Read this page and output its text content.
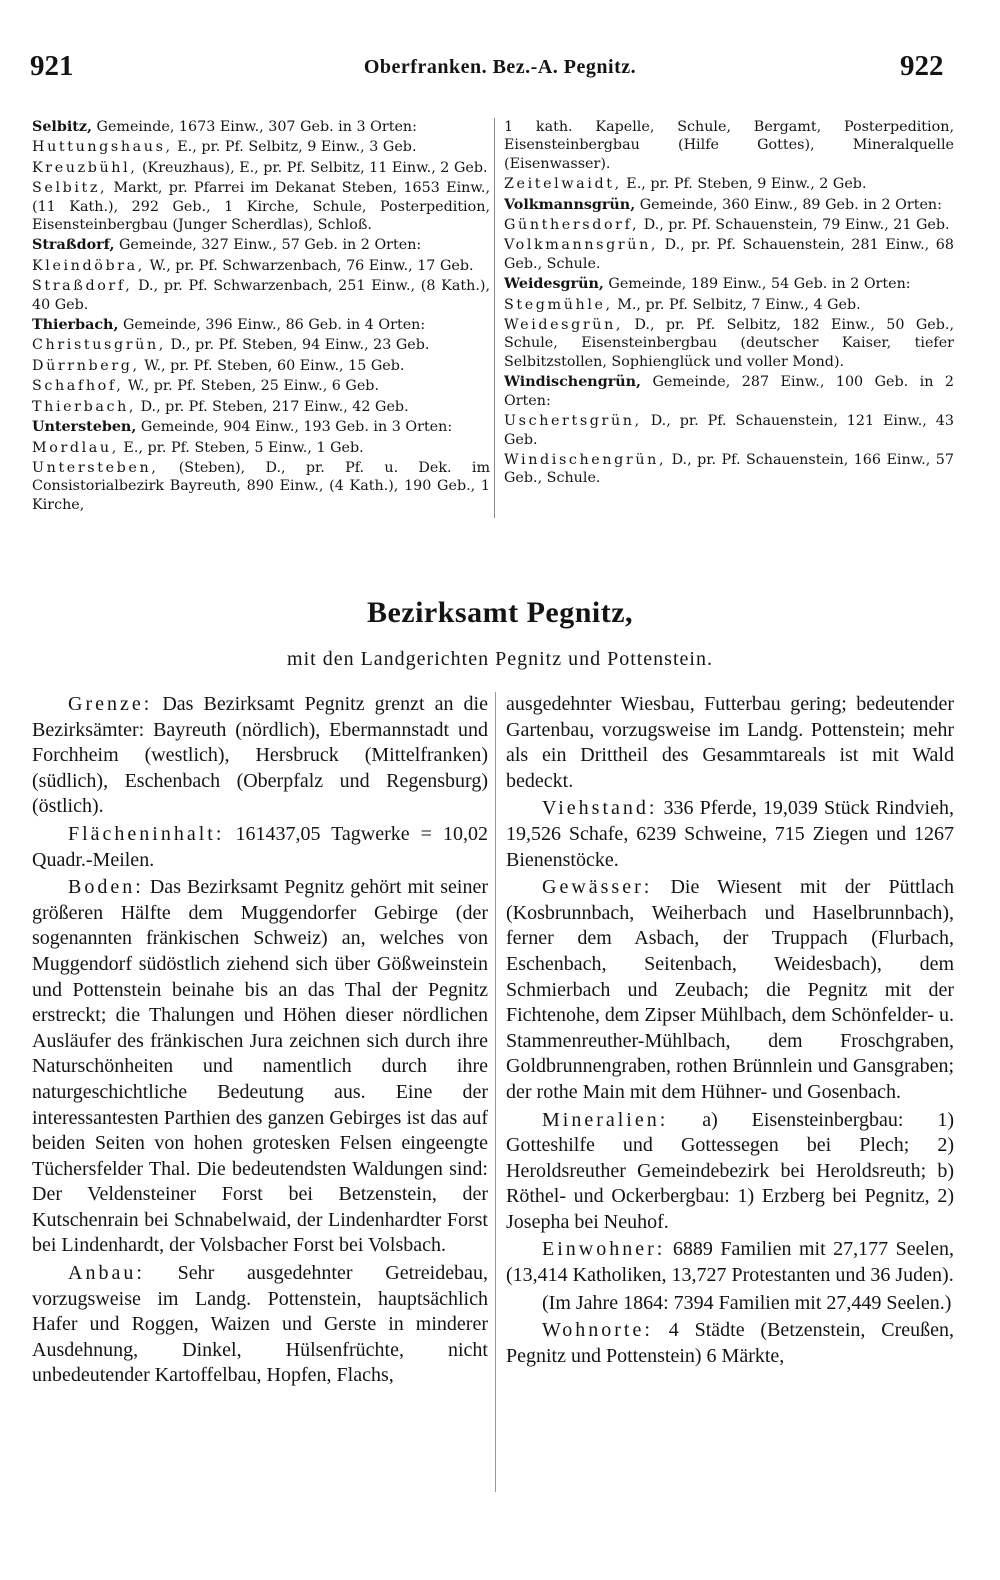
921	Oberfranken. Bez.-A. Pegnitz.	922

Selbitz, Gemeinde, 1673 Einw., 307 Geb. in 3 Orten:

Huttungshaus, E., pr. Pf. Selbitz, 9 Einw., 3 Geb.

Kreuzbühl, (Kreuzhaus), E., pr. Pf. Selbitz, 11 Einw., 2 Geb.

Selbitz, Markt, pr. Pfarrei im Dekanat Steben, 1653 Einw., (11 Kath.), 292 Geb., 1 Kirche, Schule, Posterpedition, Eisensteinbergbau (Junger Scherdlas), Schloß.

Straßdorf, Gemeinde, 327 Einw., 57 Geb. in 2 Orten:

Kleindöbra, W., pr. Pf. Schwarzenbach, 76 Einw., 17 Geb.

Straßdorf, D., pr. Pf. Schwarzenbach, 251 Einw., (8 Kath.), 40 Geb.

Thierbach, Gemeinde, 396 Einw., 86 Geb. in 4 Orten:

Christusgrün, D., pr. Pf. Steben, 94 Einw., 23 Geb.

Dürrnberg, W., pr. Pf. Steben, 60 Einw., 15 Geb.

Schafhof, W., pr. Pf. Steben, 25 Einw., 6 Geb.

Thierbach, D., pr. Pf. Steben, 217 Einw., 42 Geb.

Untersteben, Gemeinde, 904 Einw., 193 Geb. in 3 Orten:

Mordlau, E., pr. Pf. Steben, 5 Einw., 1 Geb.

Untersteben, (Steben), D., pr. Pf. u. Dek. im Consistorialbezirk Bayreuth, 890 Einw., (4 Kath.), 190 Geb., 1 Kirche,

1 kath. Kapelle, Schule, Bergamt, Posterpedition, Eisensteinbergbau (Hilfe Gottes), Mineralquelle (Eisenwasser).

Zeitelwaidt, E., pr. Pf. Steben, 9 Einw., 2 Geb.

Volkmannsgrün, Gemeinde, 360 Einw., 89 Geb. in 2 Orten:

Günthersdorf, D., pr. Pf. Schauenstein, 79 Einw., 21 Geb.

Volkmannsgrün, D., pr. Pf. Schauenstein, 281 Einw., 68 Geb., Schule.

Weidesgrün, Gemeinde, 189 Einw., 54 Geb. in 2 Orten:

Stegmühle, M., pr. Pf. Selbitz, 7 Einw., 4 Geb.

Weidesgrün, D., pr. Pf. Selbitz, 182 Einw., 50 Geb., Schule, Eisensteinbergbau (deutscher Kaiser, tiefer Selbitzstollen, Sophienglück und voller Mond).

Windischengrün, Gemeinde, 287 Einw., 100 Geb. in 2 Orten:

Uschertsgrün, D., pr. Pf. Schauenstein, 121 Einw., 43 Geb.

Windischengrün, D., pr. Pf. Schauenstein, 166 Einw., 57 Geb., Schule.

Bezirksamt Pegnitz,
mit den Landgerichten Pegnitz und Pottenstein.

Grenze: Das Bezirksamt Pegnitz grenzt an die Bezirksämter: Bayreuth (nördlich), Ebermannstadt und Forchheim (westlich), Hersbruck (Mittelfranken) (südlich), Eschenbach (Oberpfalz und Regensburg) (östlich).

Flächeninhalt: 161437,05 Tagwerke = 10,02 Quadr.-Meilen.

Boden: Das Bezirksamt Pegnitz gehört mit seiner größeren Hälfte dem Muggendorfer Gebirge (der sogenannten fränkischen Schweiz) an, welches von Muggendorf südöstlich ziehend sich über Gößweinstein und Pottenstein beinahe bis an das Thal der Pegnitz erstreckt; die Thalungen und Höhen dieser nördlichen Ausläufer des fränkischen Jura zeichnen sich durch ihre Naturschönheiten und namentlich durch ihre naturgeschichtliche Bedeutung aus. Eine der interessantesten Parthien des ganzen Gebirges ist das auf beiden Seiten von hohen grotesken Felsen eingeengte Tüchersfelder Thal. Die bedeutendsten Waldungen sind: Der Veldensteiner Forst bei Betzenstein, der Kutschenrain bei Schnabelwaid, der Lindenhardter Forst bei Lindenhardt, der Volsbacher Forst bei Volsbach.

Anbau: Sehr ausgedehnter Getreidebau, vorzugsweise im Landg. Pottenstein, hauptsächlich Hafer und Roggen, Waizen und Gerste in minderer Ausdehnung, Dinkel, Hülsenfrüchte, nicht unbedeutender Kartoffelbau, Hopfen, Flachs,

ausgedehnter Wiesbau, Futterbau gering; bedeutender Gartenbau, vorzugsweise im Landg. Pottenstein; mehr als ein Drittheil des Gesammtareals ist mit Wald bedeckt.

Viehstand: 336 Pferde, 19,039 Stück Rindvieh, 19,526 Schafe, 6239 Schweine, 715 Ziegen und 1267 Bienenstöcke.

Gewässer: Die Wiesent mit der Püttlach (Kosbrunnbach, Weiherbach und Haselbrunnbach), ferner dem Asbach, der Truppach (Flurbach, Eschenbach, Seitenbach, Weidesbach), dem Schmierbach und Zeubach; die Pegnitz mit der Fichtenohe, dem Zipser Mühlbach, dem Schönfelder- u. Stammenreuther-Mühlbach, dem Froschgraben, Goldbrunnengraben, rothen Brünnlein und Gansgraben; der rothe Main mit dem Hühner- und Gosenbach.

Mineralien: a) Eisensteinbergbau: 1) Gotteshilfe und Gottessegen bei Plech; 2) Heroldsreuther Gemeindebezirk bei Heroldsreuth; b) Röthel- und Ockerbergbau: 1) Erzberg bei Pegnitz, 2) Josepha bei Neuhof.

Einwohner: 6889 Familien mit 27,177 Seelen, (13,414 Katholiken, 13,727 Protestanten und 36 Juden).

(Im Jahre 1864: 7394 Familien mit 27,449 Seelen.)

Wohnorte: 4 Städte (Betzenstein, Creußen, Pegnitz und Pottenstein) 6 Märkte,
